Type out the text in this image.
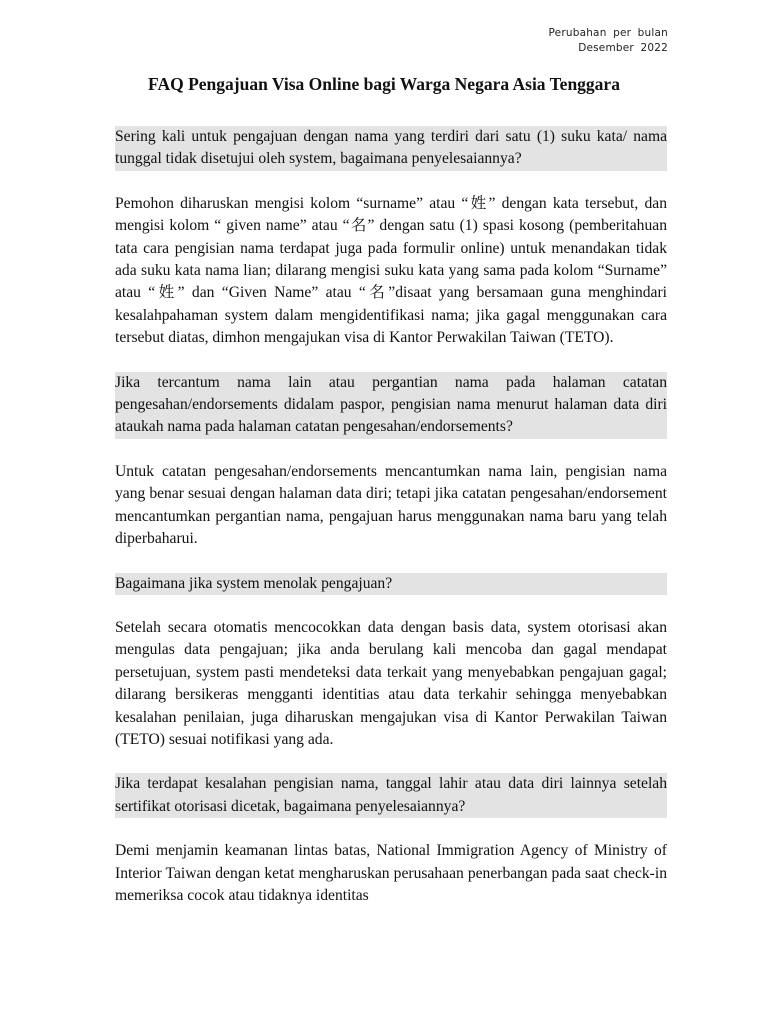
Perubahan per bulan
Desember 2022
FAQ Pengajuan Visa Online bagi Warga Negara Asia Tenggara
Sering kali untuk pengajuan dengan nama yang terdiri dari satu (1) suku kata/ nama tunggal tidak disetujui oleh system, bagaimana penyelesaiannya?
Pemohon diharuskan mengisi kolom “surname” atau “姓” dengan kata tersebut, dan mengisi kolom “ given name” atau “名” dengan satu (1) spasi kosong (pemberitahuan tata cara pengisian nama terdapat juga pada formulir online) untuk menandakan tidak ada suku kata nama lian; dilarang mengisi suku kata yang sama pada kolom “Surname” atau “姓” dan “Given Name” atau “名”disaat yang bersamaan guna menghindari kesalahpahaman system dalam mengidentifikasi nama; jika gagal menggunakan cara tersebut diatas, dimhon mengajukan visa di Kantor Perwakilan Taiwan (TETO).
Jika tercantum nama lain atau pergantian nama pada halaman catatan pengesahan/endorsements didalam paspor, pengisian nama menurut halaman data diri ataukah nama pada halaman catatan pengesahan/endorsements?
Untuk catatan pengesahan/endorsements mencantumkan nama lain, pengisian nama yang benar sesuai dengan halaman data diri; tetapi jika catatan pengesahan/endorsement mencantumkan pergantian nama, pengajuan harus menggunakan nama baru yang telah diperbaharui.
Bagaimana jika system menolak pengajuan?
Setelah secara otomatis mencocokkan data dengan basis data, system otorisasi akan mengulas data pengajuan; jika anda berulang kali mencoba dan gagal mendapat persetujuan, system pasti mendeteksi data terkait yang menyebabkan pengajuan gagal; dilarang bersikeras mengganti identitias atau data terkahir sehingga menyebabkan kesalahan penilaian, juga diharuskan mengajukan visa di Kantor Perwakilan Taiwan (TETO) sesuai notifikasi yang ada.
Jika terdapat kesalahan pengisian nama, tanggal lahir atau data diri lainnya setelah sertifikat otorisasi dicetak, bagaimana penyelesaiannya?
Demi menjamin keamanan lintas batas, National Immigration Agency of Ministry of Interior Taiwan dengan ketat mengharuskan perusahaan penerbangan pada saat check-in memeriksa cocok atau tidaknya identitas
